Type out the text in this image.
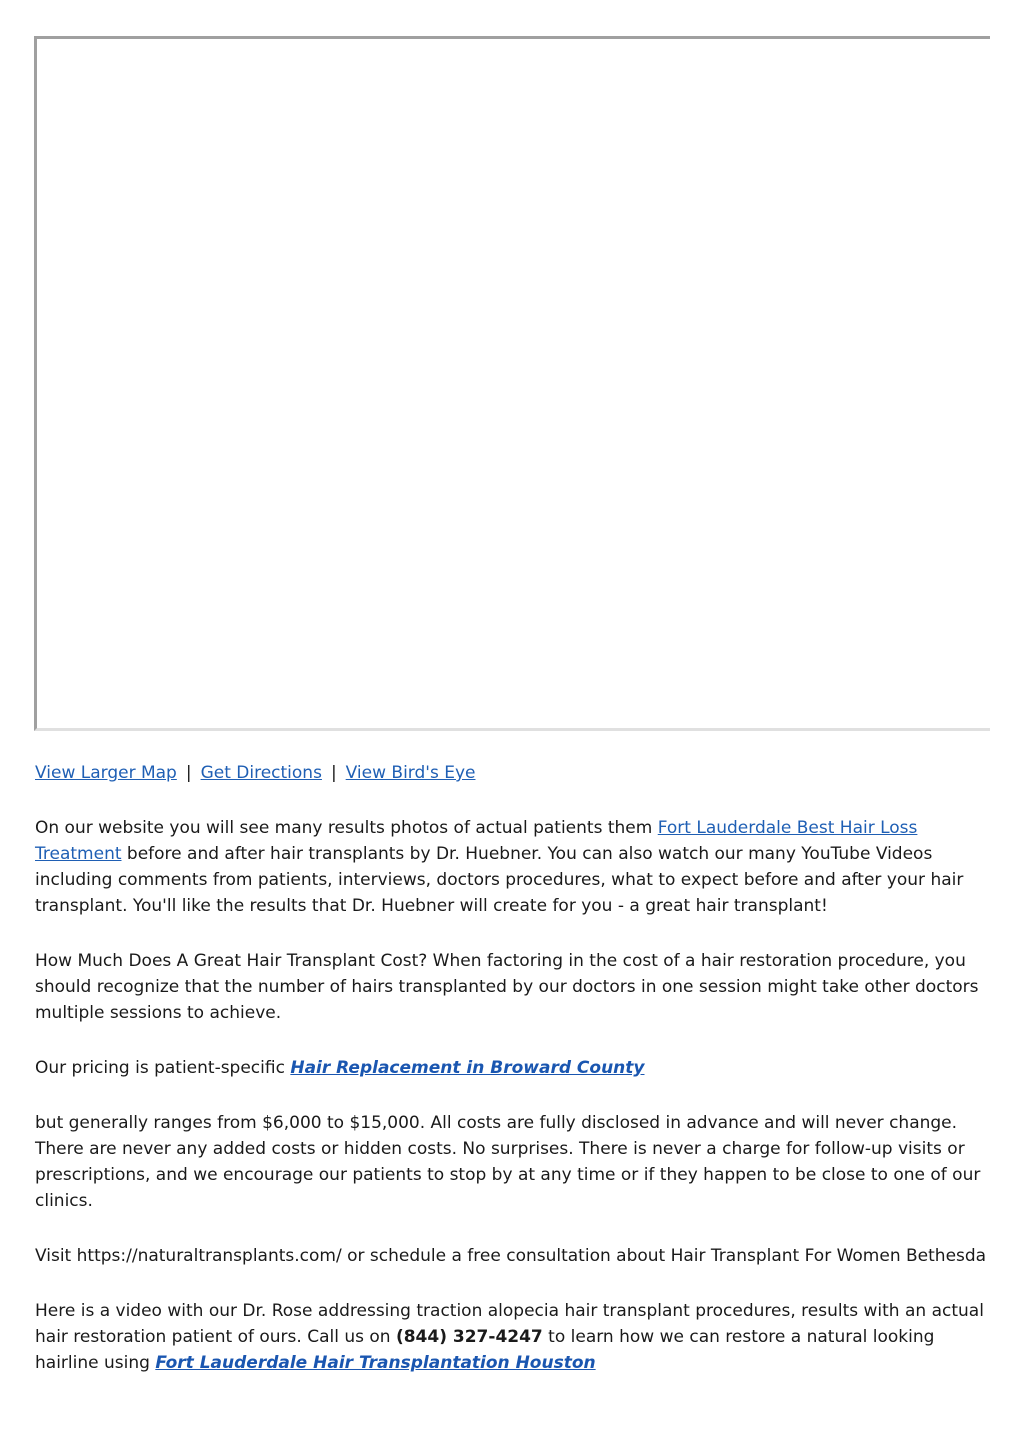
View Larger Map | Get Directions | View Bird's Eye

On our website you will see many results photos of actual patients them Fort Lauderdale Best Hair Loss Treatment before and after hair transplants by Dr. Huebner. You can also watch our many YouTube Videos including comments from patients, interviews, doctors procedures, what to expect before and after your hair transplant. You'll like the results that Dr. Huebner will create for you - a great hair transplant!

How Much Does A Great Hair Transplant Cost? When factoring in the cost of a hair restoration procedure, you should recognize that the number of hairs transplanted by our doctors in one session might take other doctors multiple sessions to achieve.

Our pricing is patient-specific Hair Replacement in Broward County

but generally ranges from $6,000 to $15,000. All costs are fully disclosed in advance and will never change. There are never any added costs or hidden costs. No surprises. There is never a charge for follow-up visits or prescriptions, and we encourage our patients to stop by at any time or if they happen to be close to one of our clinics.

Visit https://naturaltransplants.com/ or schedule a free consultation about Hair Transplant For Women Bethesda

Here is a video with our Dr. Rose addressing traction alopecia hair transplant procedures, results with an actual hair restoration patient of ours. Call us on (844) 327-4247 to learn how we can restore a natural looking hairline using Fort Lauderdale Hair Transplantation Houston
